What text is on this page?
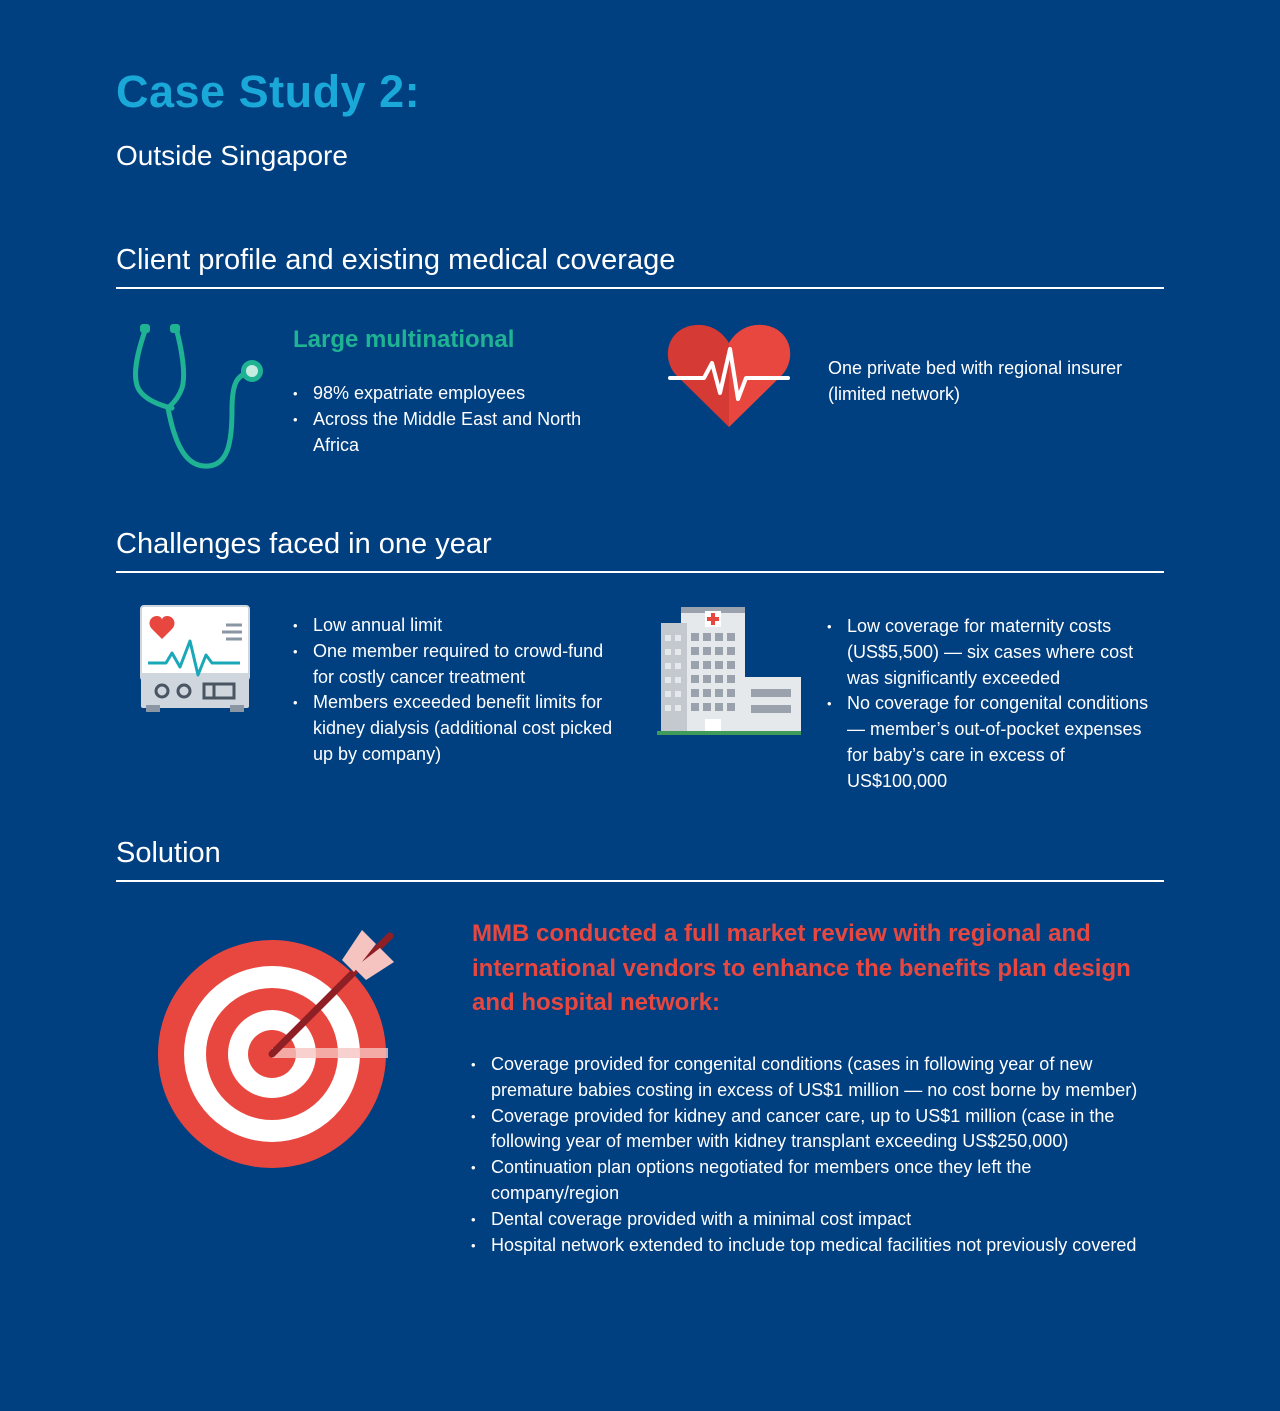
Case Study 2:
Outside Singapore
Client profile and existing medical coverage

Large multinational

• 98% expatriate employees
• Across the Middle East and North Africa

One private bed with regional insurer (limited network)

Challenges faced in one year
• Low annual limit
• One member required to crowd-fund for costly cancer treatment
• Members exceeded benefit limits for kidney dialysis (additional cost picked up by company)
• Low coverage for maternity costs (US$5,500) — six cases where cost was significantly exceeded
• No coverage for congenital conditions — member’s out-of-pocket expenses for baby’s care in excess of US$100,000
Solution

MMB conducted a full market review with regional and international vendors to enhance the benefits plan design and hospital network:

• Coverage provided for congenital conditions (cases in following year of new premature babies costing in excess of US$1 million — no cost borne by member)
• Coverage provided for kidney and cancer care, up to US$1 million (case in the following year of member with kidney transplant exceeding US$250,000)
• Continuation plan options negotiated for members once they left the company/region
• Dental coverage provided with a minimal cost impact
• Hospital network extended to include top medical facilities not previously covered
